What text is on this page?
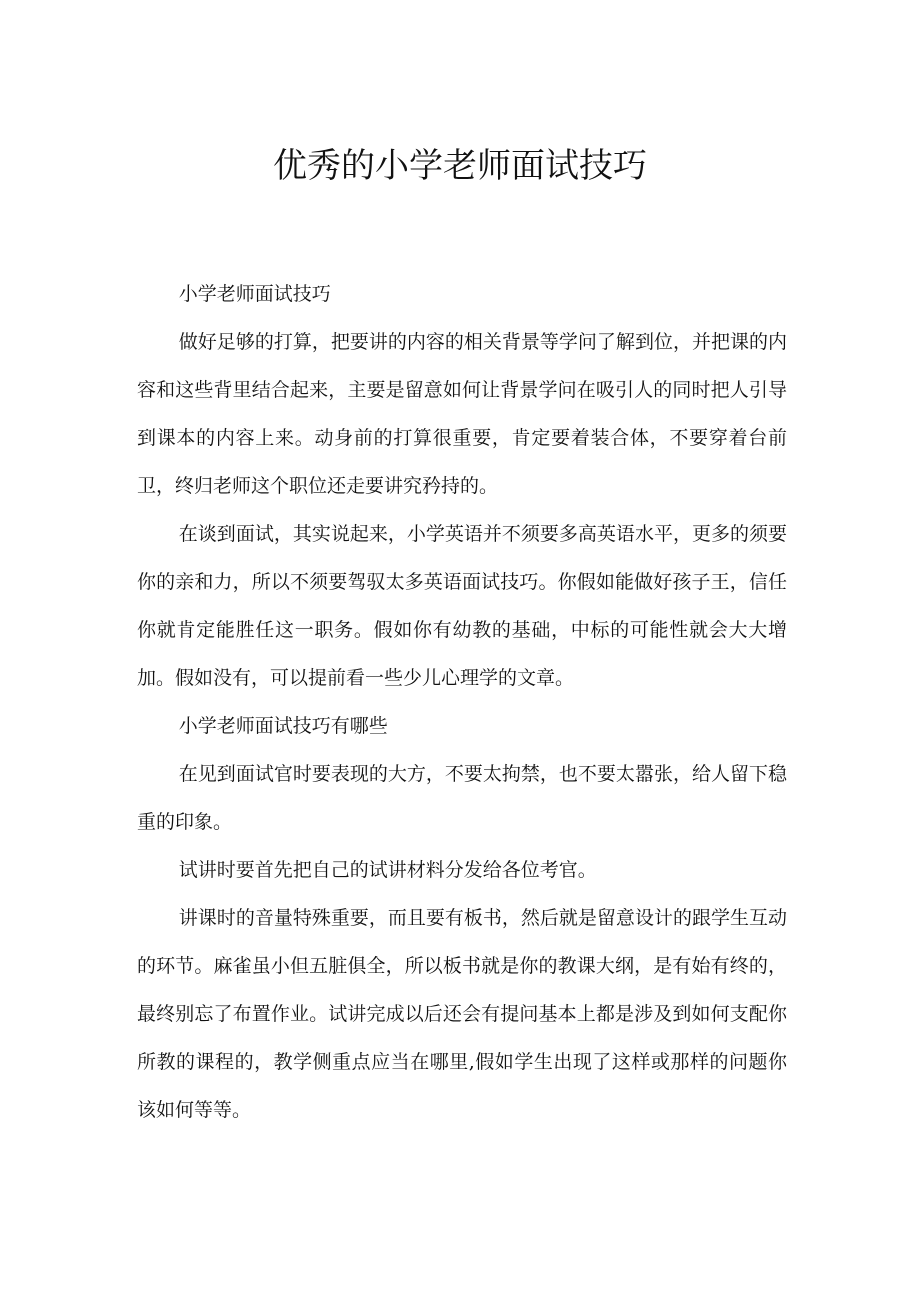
优秀的小学老师面试技巧

小学老师面试技巧

做好足够的打算，把要讲的内容的相关背景等学问了解到位，并把课的内容和这些背里结合起来，主要是留意如何让背景学问在吸引人的同时把人引导到课本的内容上来。动身前的打算很重要，肯定要着装合体，不要穿着台前卫，终归老师这个职位还走要讲究矜持的。

在谈到面试，其实说起来，小学英语并不须要多高英语水平，更多的须要你的亲和力，所以不须要驾驭太多英语面试技巧。你假如能做好孩子王，信任你就肯定能胜任这一职务。假如你有幼教的基础，中标的可能性就会大大增加。假如没有，可以提前看一些少儿心理学的文章。

小学老师面试技巧有哪些

在见到面试官时要表现的大方，不要太拘禁，也不要太嚣张，给人留下稳重的印象。

试讲时要首先把自己的试讲材料分发给各位考官。

讲课时的音量特殊重要，而且要有板书，然后就是留意设计的跟学生互动的环节。麻雀虽小但五脏俱全，所以板书就是你的教课大纲，是有始有终的，最终别忘了布置作业。试讲完成以后还会有提问基本上都是涉及到如何支配你所教的课程的，教学侧重点应当在哪里,假如学生出现了这样或那样的问题你该如何等等。
